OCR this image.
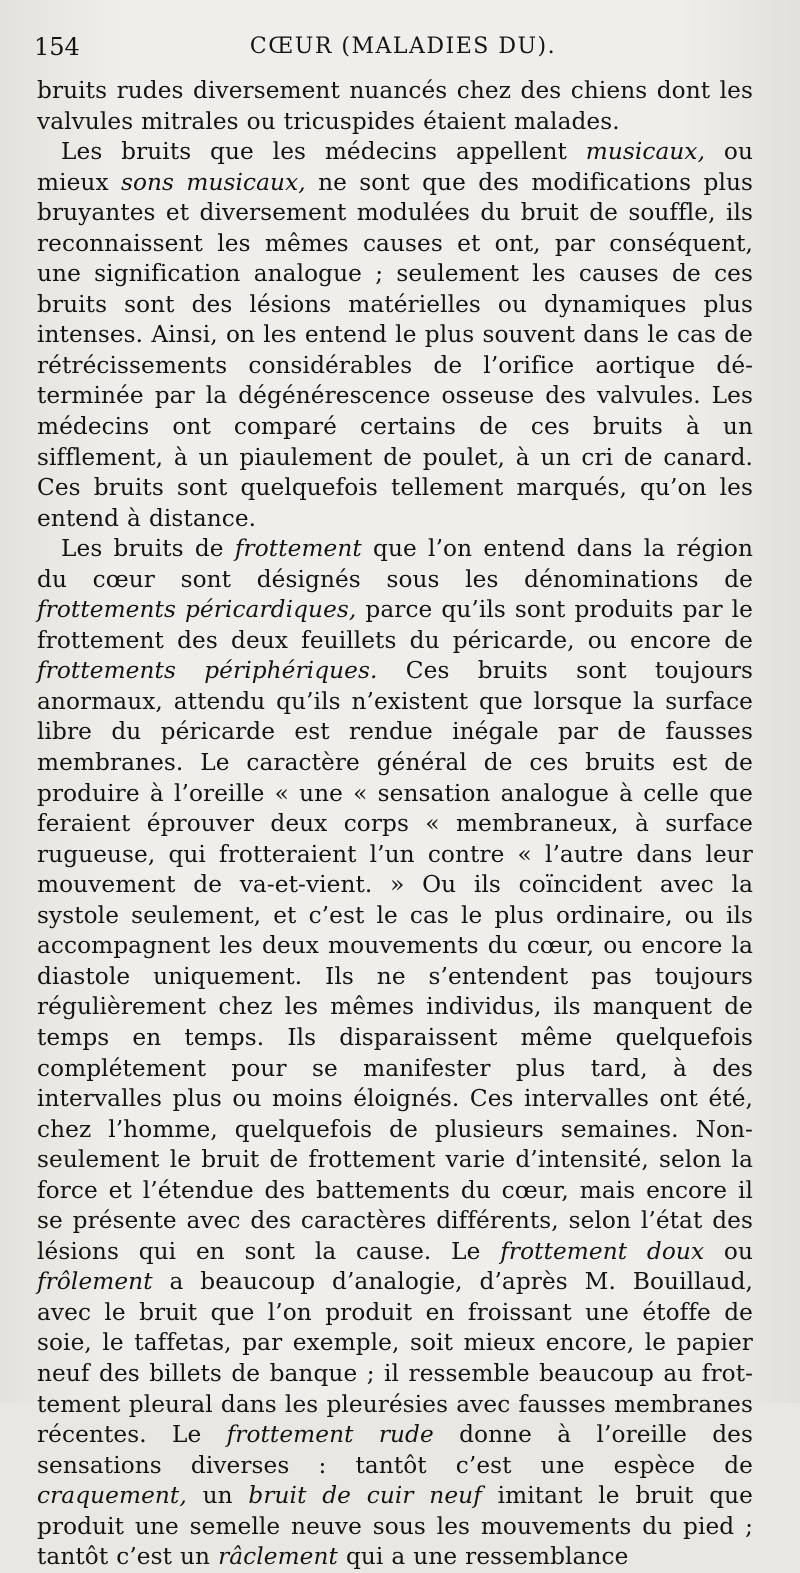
154	CŒUR (MALADIES DU).

bruits rudes diversement nuancés chez des chiens dont les valvules mitrales ou tricuspides étaient malades.

Les bruits que les médecins appellent musicaux, ou mieux sons musicaux, ne sont que des modifications plus bruyantes et diversement modulées du bruit de souffle, ils reconnaissent les mêmes causes et ont, par conséquent, une signification analogue ; seulement les causes de ces bruits sont des lésions matérielles ou dynamiques plus intenses. Ainsi, on les entend le plus souvent dans le cas de rétrécissements considérables de l’orifice aortique déterminée par la dégénérescence osseuse des valvules. Les médecins ont comparé certains de ces bruits à un sifflement, à un piaulement de poulet, à un cri de canard. Ces bruits sont quelquefois tellement marqués, qu’on les entend à distance.

Les bruits de frottement que l’on entend dans la région du cœur sont désignés sous les dénominations de frottements péricardiques, parce qu’ils sont produits par le frottement des deux feuillets du péricarde, ou encore de frottements périphériques. Ces bruits sont toujours anormaux, attendu qu’ils n’existent que lorsque la surface libre du péricarde est rendue inégale par de fausses membranes. Le caractère général de ces bruits est de produire à l’oreille « une « sensation analogue à celle que feraient éprouver deux corps « membraneux, à surface rugueuse, qui frotteraient l’un contre « l’autre dans leur mouvement de va-et-vient. » Ou ils coïncident avec la systole seulement, et c’est le cas le plus ordinaire, ou ils accompagnent les deux mouvements du cœur, ou encore la diastole uniquement. Ils ne s’entendent pas toujours régulièrement chez les mêmes individus, ils manquent de temps en temps. Ils disparaissent même quelquefois complétement pour se manifester plus tard, à des intervalles plus ou moins éloignés. Ces intervalles ont été, chez l’homme, quelquefois de plusieurs semaines. Non-seulement le bruit de frottement varie d’intensité, selon la force et l’étendue des battements du cœur, mais encore il se présente avec des caractères différents, selon l’état des lésions qui en sont la cause. Le frottement doux ou frôlement a beaucoup d’analogie, d’après M. Bouillaud, avec le bruit que l’on produit en froissant une étoffe de soie, le taffetas, par exemple, soit mieux encore, le papier neuf des billets de banque ; il ressemble beaucoup au frottement pleural dans les pleurésies avec fausses membranes récentes. Le frottement rude donne à l’oreille des sensations diverses : tantôt c’est une espèce de craquement, un bruit de cuir neuf imitant le bruit que produit une semelle neuve sous les mouvements du pied ; tantôt c’est un râclement qui a une ressemblance
